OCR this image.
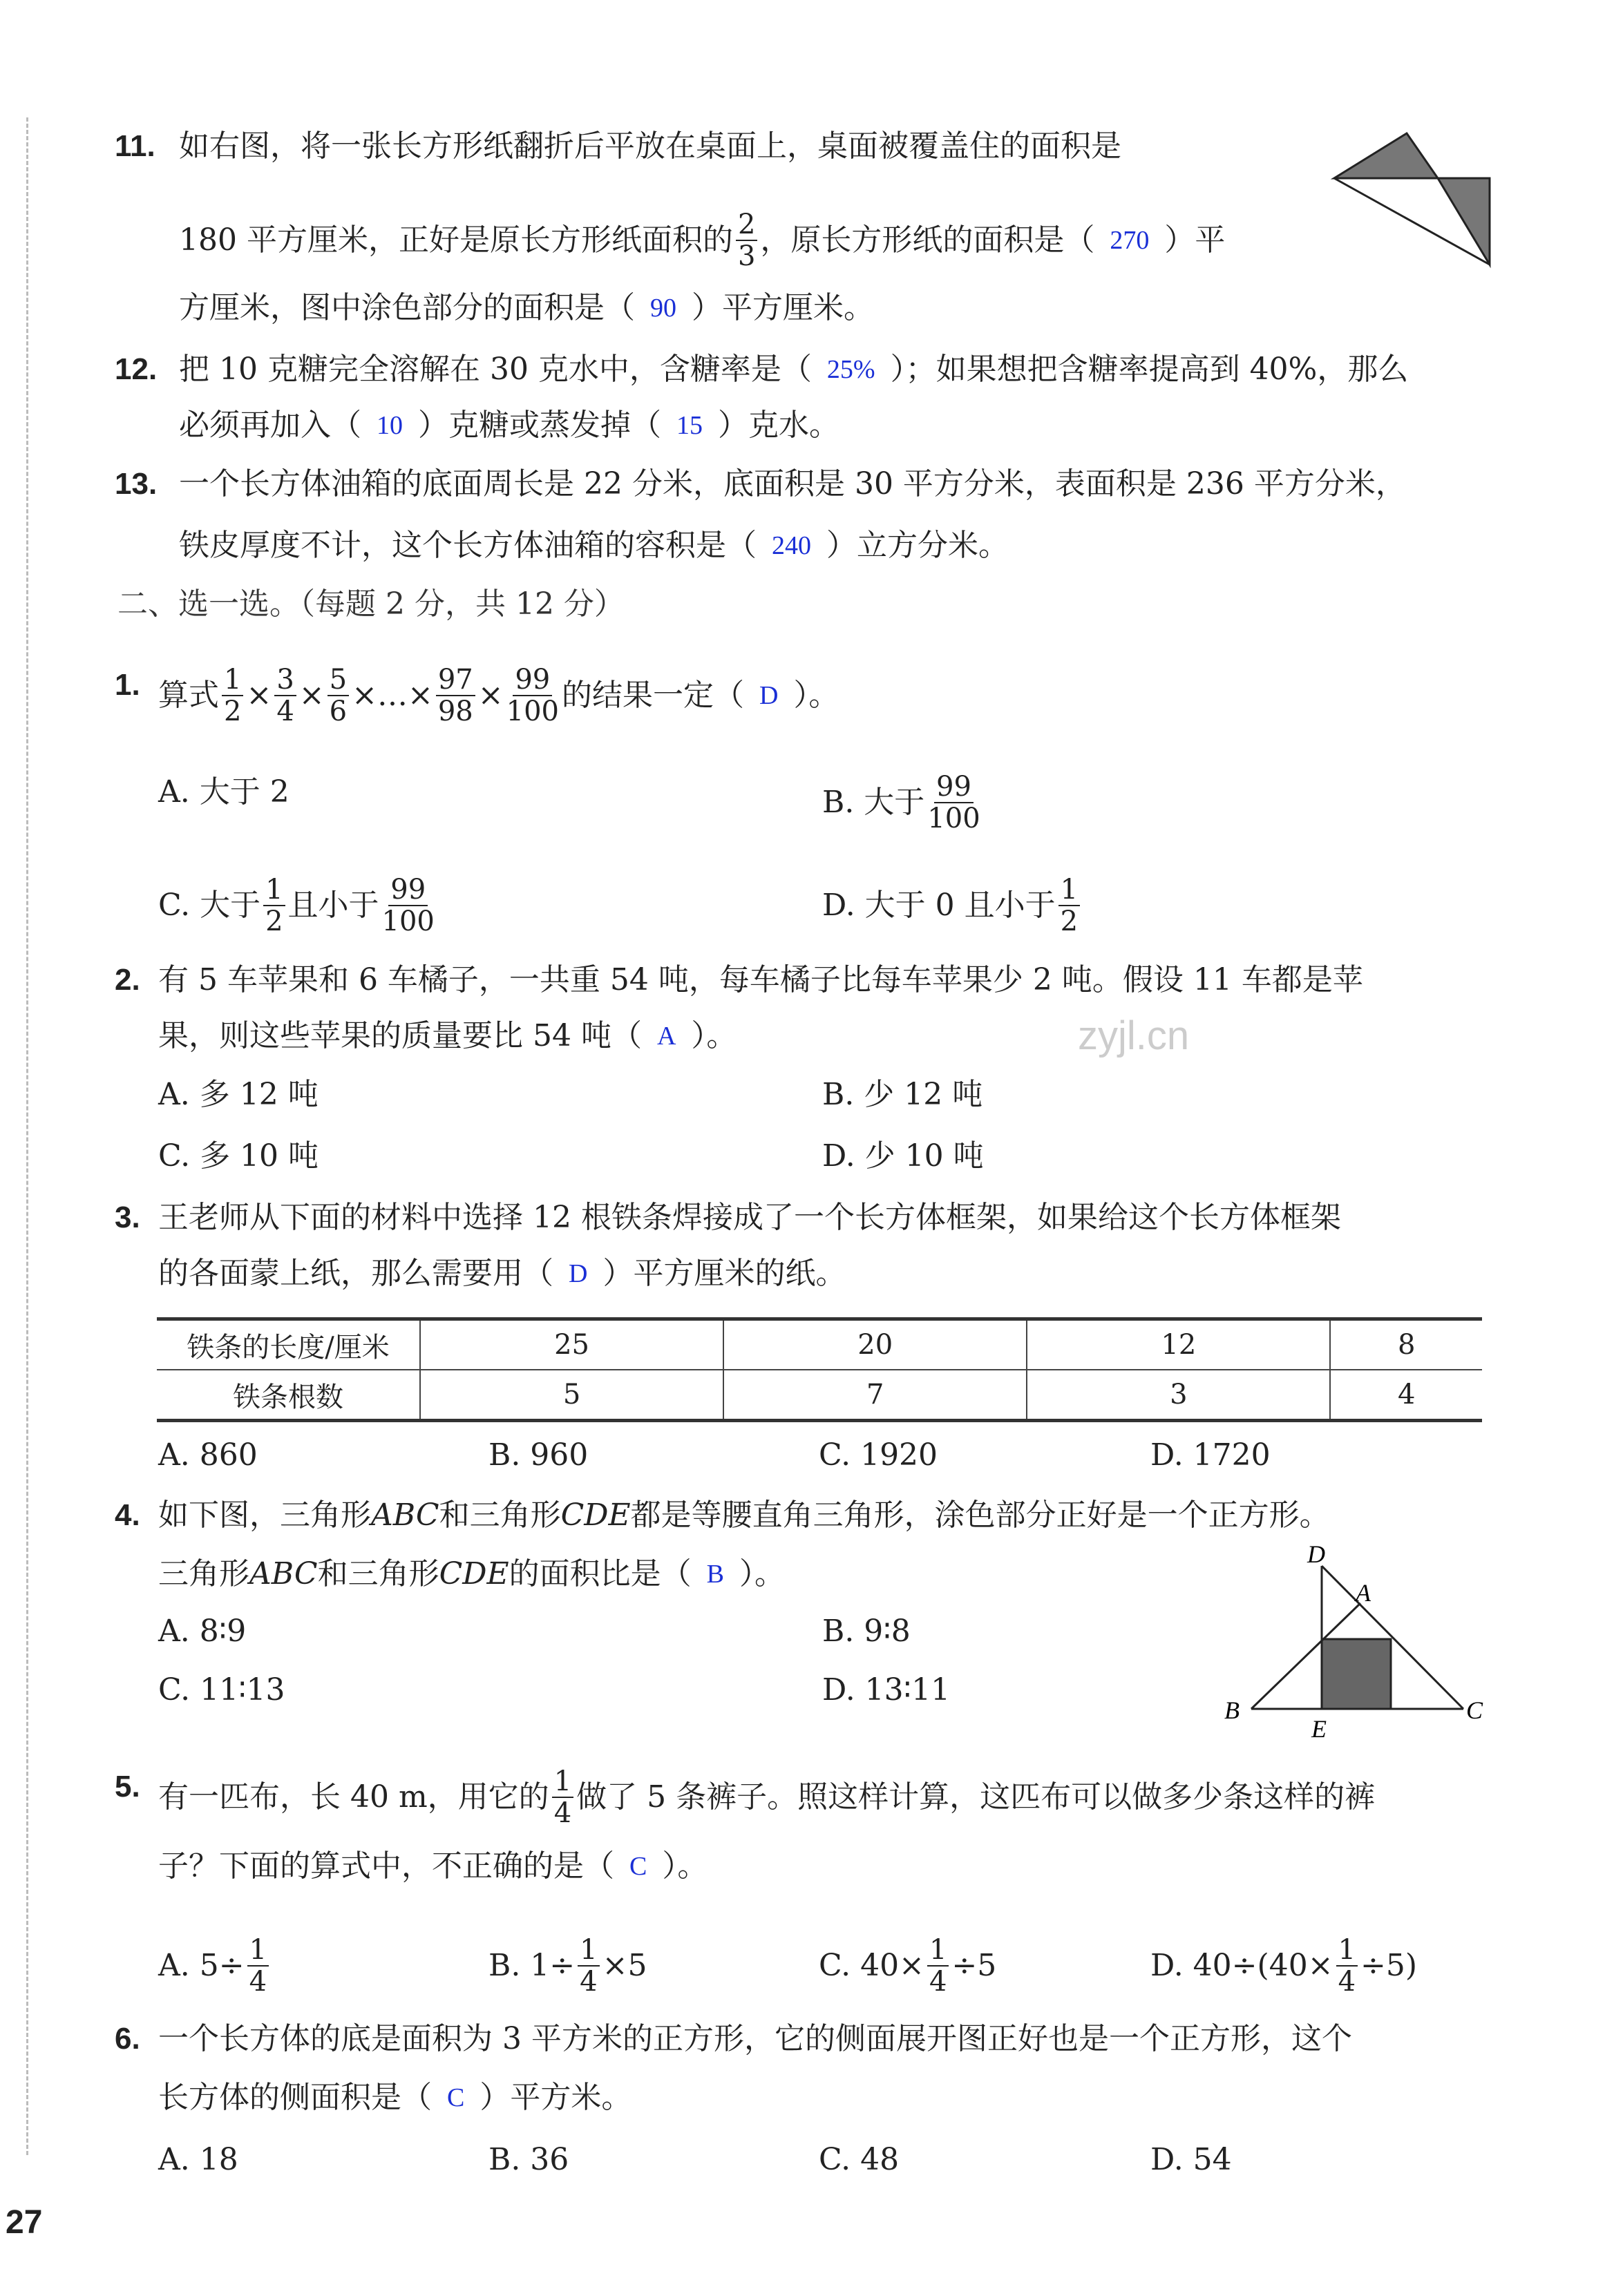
zyjl.cn
11. 如右图，将一张长方形纸翻折后平放在桌面上，桌面被覆盖住的面积是
180 平方厘米，正好是原长方形纸面积的 $\frac{2}{3}$ ，原长方形纸的面积是（ 270 ）平
方厘米，图中涂色部分的面积是（ 90 ）平方厘米。
12. 把 10 克糖完全溶解在 30 克水中，含糖率是（ 25% ）；如果想把含糖率提高到 40%，那么
必须再加入（ 10 ）克糖或蒸发掉（ 15 ）克水。
13. 一个长方体油箱的底面周长是 22 分米，底面积是 30 平方分米，表面积是 236 平方分米，
铁皮厚度不计，这个长方体油箱的容积是（ 240 ）立方分米。
二、选一选。（每题 2 分，共 12 分）
1. 算式 $\frac{1}{2} \times \frac{3}{4} \times \frac{5}{6}$ ×…× $\frac{97}{98} \times \frac{99}{100}$ 的结果一定（ D ）。
A. 大于 2	B. 大于 $\frac{99}{100}$
C. 大于 $\frac{1}{2}$ 且小于 $\frac{99}{100}$	D. 大于 0 且小于 $\frac{1}{2}$
2. 有 5 车苹果和 6 车橘子，一共重 54 吨，每车橘子比每车苹果少 2 吨。假设 11 车都是苹
果，则这些苹果的质量要比 54 吨（ A ）。
A. 多 12 吨	B. 少 12 吨
C. 多 10 吨	D. 少 10 吨
3. 王老师从下面的材料中选择 12 根铁条焊接成了一个长方体框架，如果给这个长方体框架
的各面蒙上纸，那么需要用（ D ）平方厘米的纸。
铁条的长度/厘米	25	20	12	8
铁条根数	5	7	3	4
A. 860	B. 960	C. 1920	D. 1720
4. 如下图，三角形 ABC 和三角形 CDE 都是等腰直角三角形，涂色部分正好是一个正方形。
三角形 ABC 和三角形 CDE 的面积比是（ B ）。
A. 8∶9	B. 9∶8
C. 11∶13	D. 13∶11
D
A
B	C
E
5. 有一匹布，长 40 m，用它的 $\frac{1}{4}$ 做了 5 条裤子。照这样计算，这匹布可以做多少条这样的裤
子？下面的算式中，不正确的是（ C ）。
A. $5\div \frac{1}{4}$	B. $1\div \frac{1}{4} \times 5$	C. $40\times \frac{1}{4} \div 5$	D. $40\div(40\times \frac{1}{4} \div 5)$
6. 一个长方体的底是面积为 3 平方米的正方形，它的侧面展开图正好也是一个正方形，这个
长方体的侧面积是（ C ）平方米。
A. 18	B. 36	C. 48	D. 54
27
